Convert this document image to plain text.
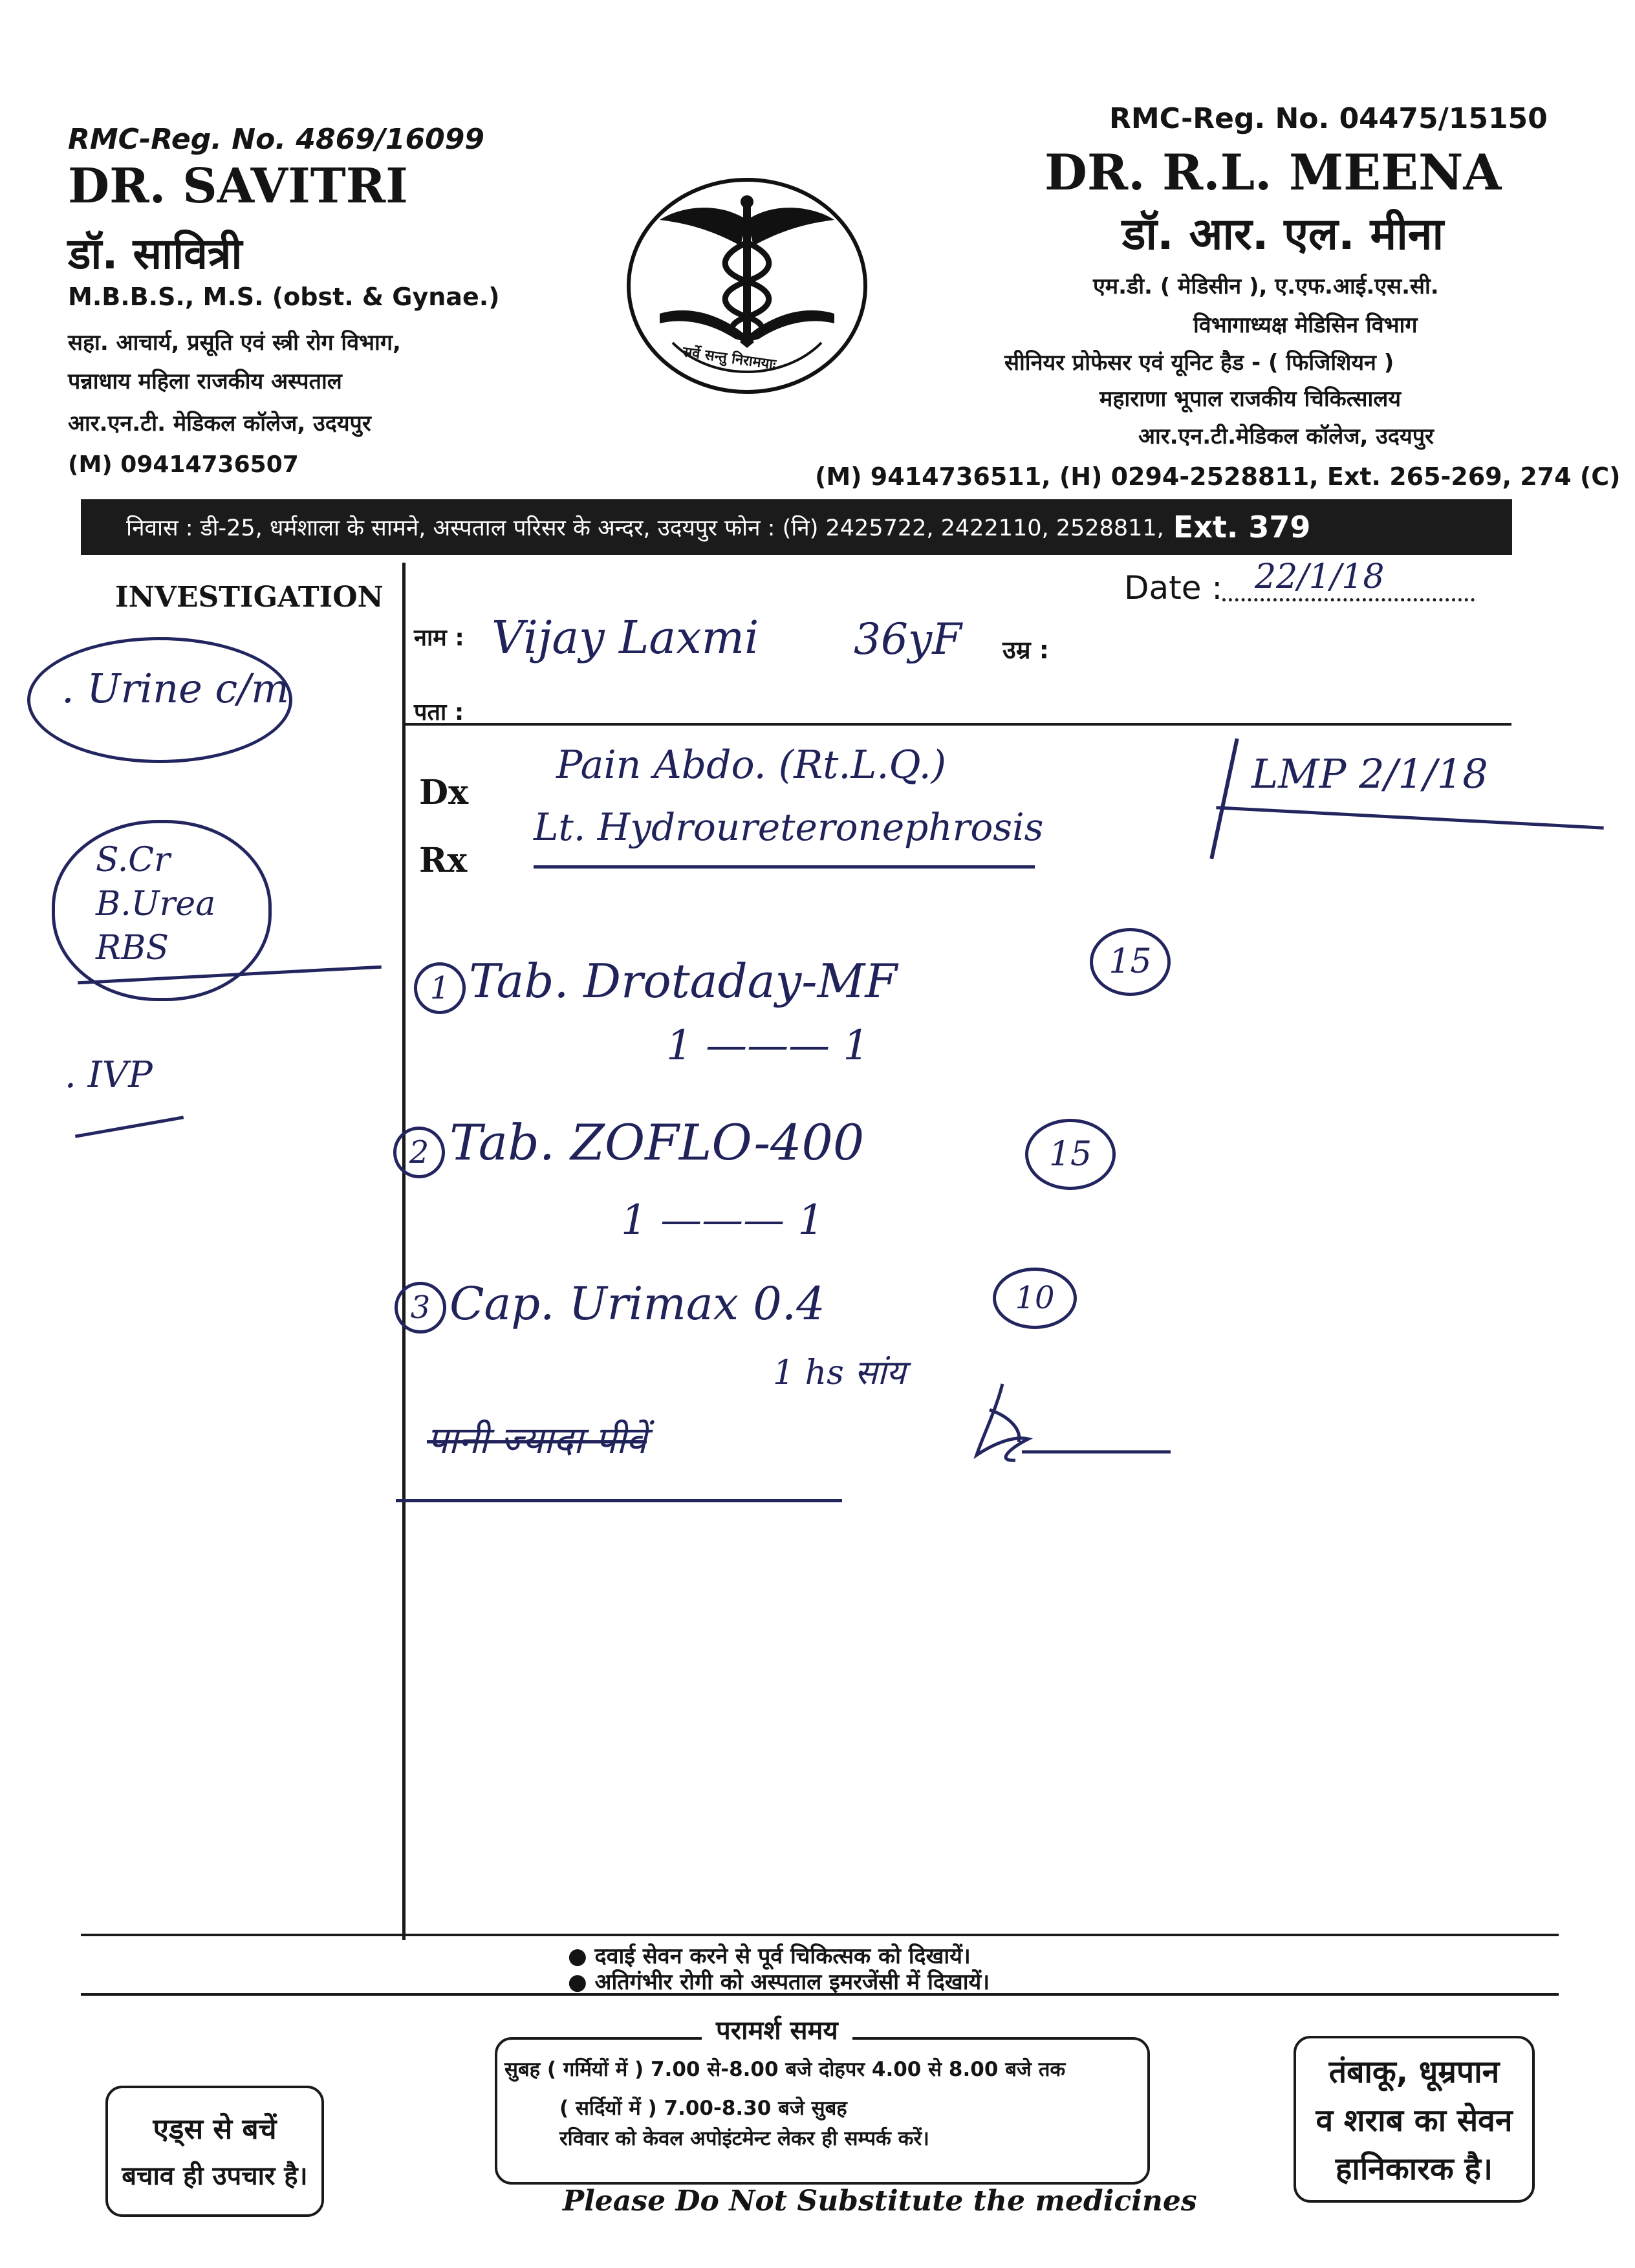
RMC-Reg. No. 4869/16099
DR. SAVITRI
डॉ. सावित्री
M.B.B.S., M.S. (obst. & Gynae.)
सहा. आचार्य, प्रसूति एवं स्त्री रोग विभाग,
पन्नाधाय महिला राजकीय अस्पताल
आर.एन.टी. मेडिकल कॉलेज, उदयपुर
(M) 09414736507
सर्वे सन्तु निरामयाः
RMC-Reg. No. 04475/15150
DR. R.L. MEENA
डॉ. आर. एल. मीना
एम.डी. ( मेडिसीन ), ए.एफ.आई.एस.सी.
विभागाध्यक्ष मेडिसिन विभाग
सीनियर प्रोफेसर एवं यूनिट हैड - ( फिजिशियन )
महाराणा भूपाल राजकीय चिकित्सालय
आर.एन.टी.मेडिकल कॉलेज, उदयपुर
(M) 9414736511, (H) 0294-2528811, Ext. 265-269, 274 (C)
निवास : डी-25, धर्मशाला के सामने, अस्पताल परिसर के अन्दर, उदयपुर फोन : (नि) 2425722, 2422110, 2528811, Ext. 379
INVESTIGATION	Date : 22/1/18
नाम : Vijay Laxmi 36yF उम्र :
पता :
Dx
Rx
. Urine c/m
S.Cr
B.Urea
RBS
. IVP
Pain Abdo. (Rt.L.Q.)
Lt. Hydroureteronephrosis
LMP 2/1/18
1 Tab. Drotaday-MF
1 ——— 1
15
2 Tab. ZOFLO-400
1 ——— 1
15
3 Cap. Urimax 0.4
1 hs सांय
10
पानी ज्यादा पीवें
● दवाई सेवन करने से पूर्व चिकित्सक को दिखायें।
● अतिगंभीर रोगी को अस्पताल इमरजेंसी में दिखायें।
परामर्श समय
सुबह ( गर्मियों में ) 7.00 से-8.00 बजे दोहपर 4.00 से 8.00 बजे तक
( सर्दियों में ) 7.00-8.30 बजे सुबह
रविवार को केवल अपोइंटमेन्ट लेकर ही सम्पर्क करें।
एड्स से बचें
बचाव ही उपचार है।
तंबाकू, धूम्रपान
व शराब का सेवन
हानिकारक है।
Please Do Not Substitute the medicines
